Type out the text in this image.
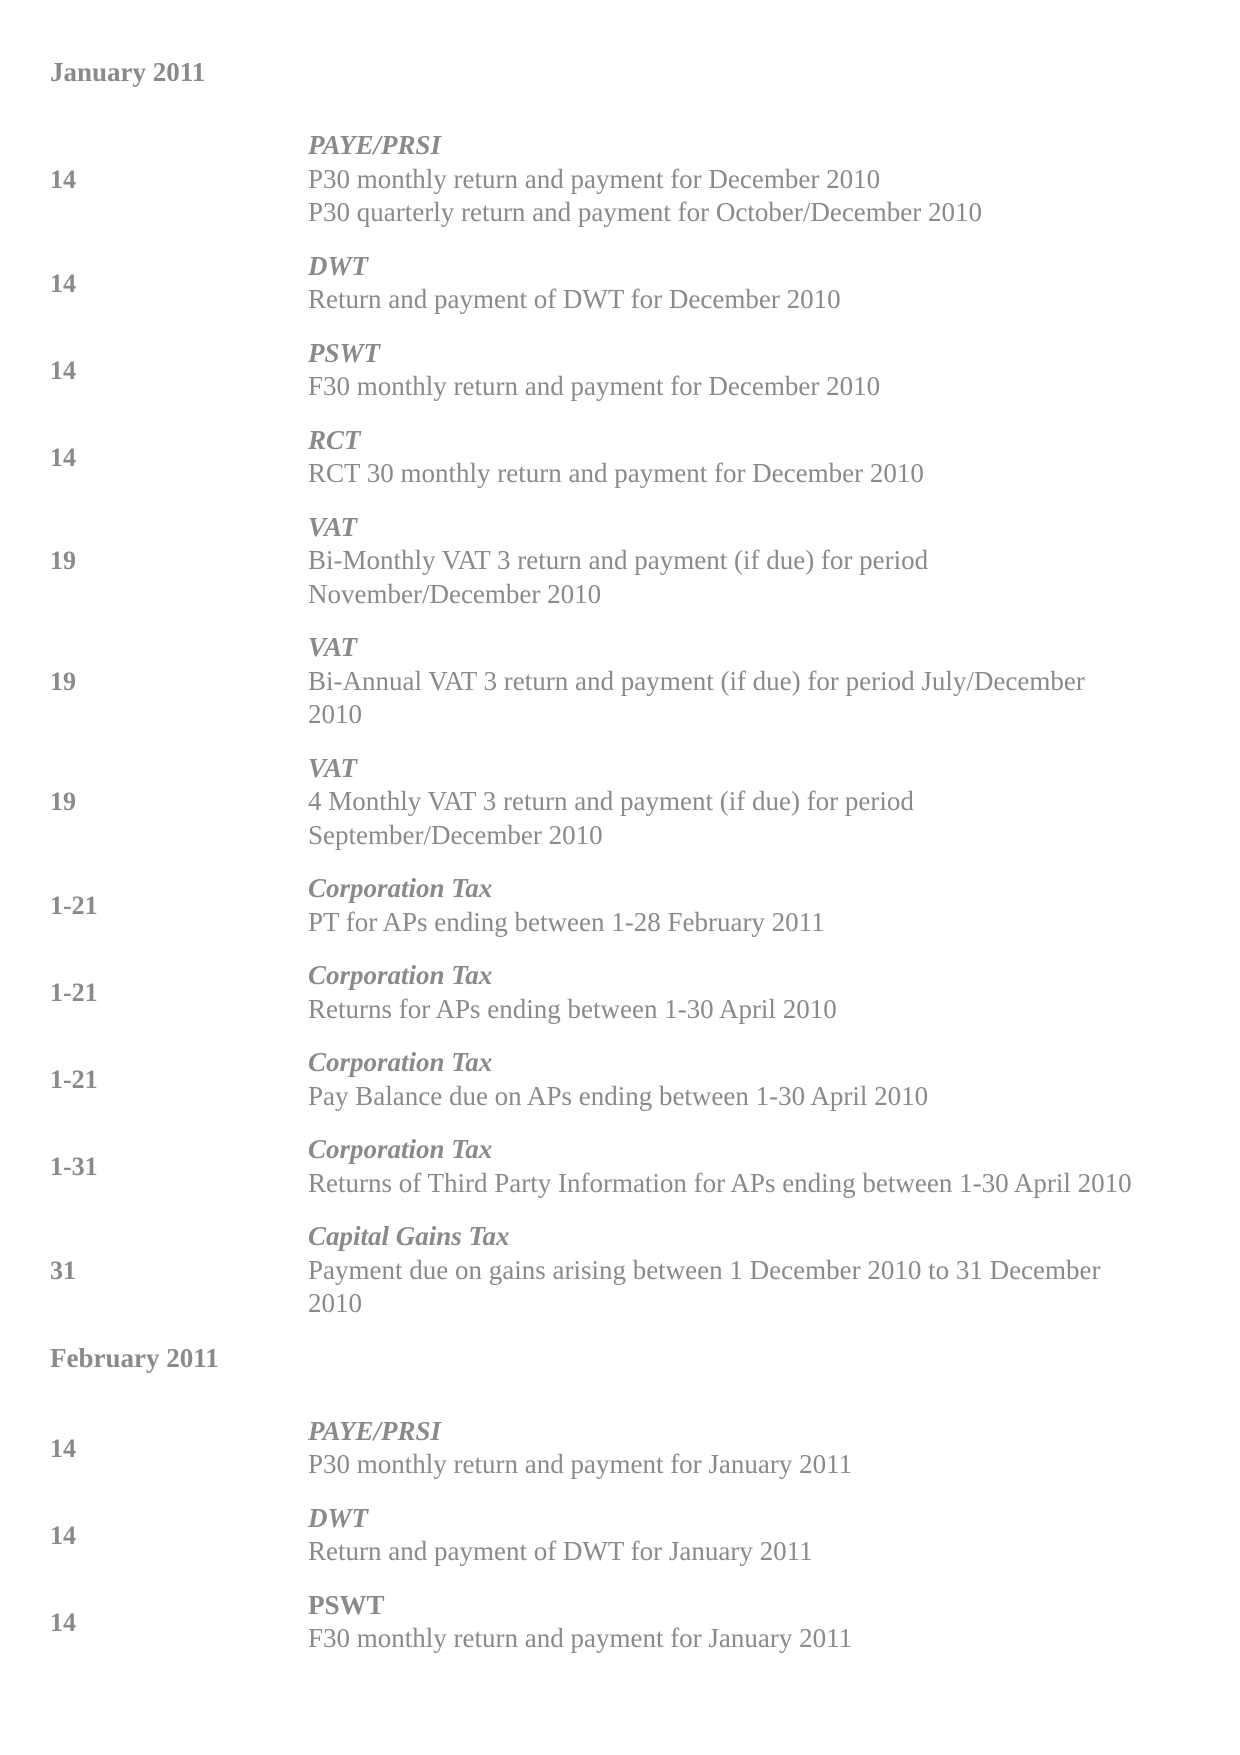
January 2011
14
PAYE/PRSI
P30 monthly return and payment for December 2010
P30 quarterly return and payment for October/December 2010
14
DWT
Return and payment of DWT for December 2010
14
PSWT
F30 monthly return and payment for December 2010
14
RCT
RCT 30 monthly return and payment for December 2010
19
VAT
Bi-Monthly VAT 3 return and payment (if due) for period
November/December 2010
19
VAT
Bi-Annual VAT 3 return and payment (if due) for period July/December
2010
19
VAT
4 Monthly VAT 3 return and payment (if due) for period
September/December 2010
1-21
Corporation Tax
PT for APs ending between 1-28 February 2011
1-21
Corporation Tax
Returns for APs ending between 1-30 April 2010
1-21
Corporation Tax
Pay Balance due on APs ending between 1-30 April 2010
1-31
Corporation Tax
Returns of Third Party Information for APs ending between 1-30 April 2010
31
Capital Gains Tax
Payment due on gains arising between 1 December 2010 to 31 December
2010
February 2011
14
PAYE/PRSI
P30 monthly return and payment for January 2011
14
DWT
Return and payment of DWT for January 2011
14
PSWT
F30 monthly return and payment for January 2011
